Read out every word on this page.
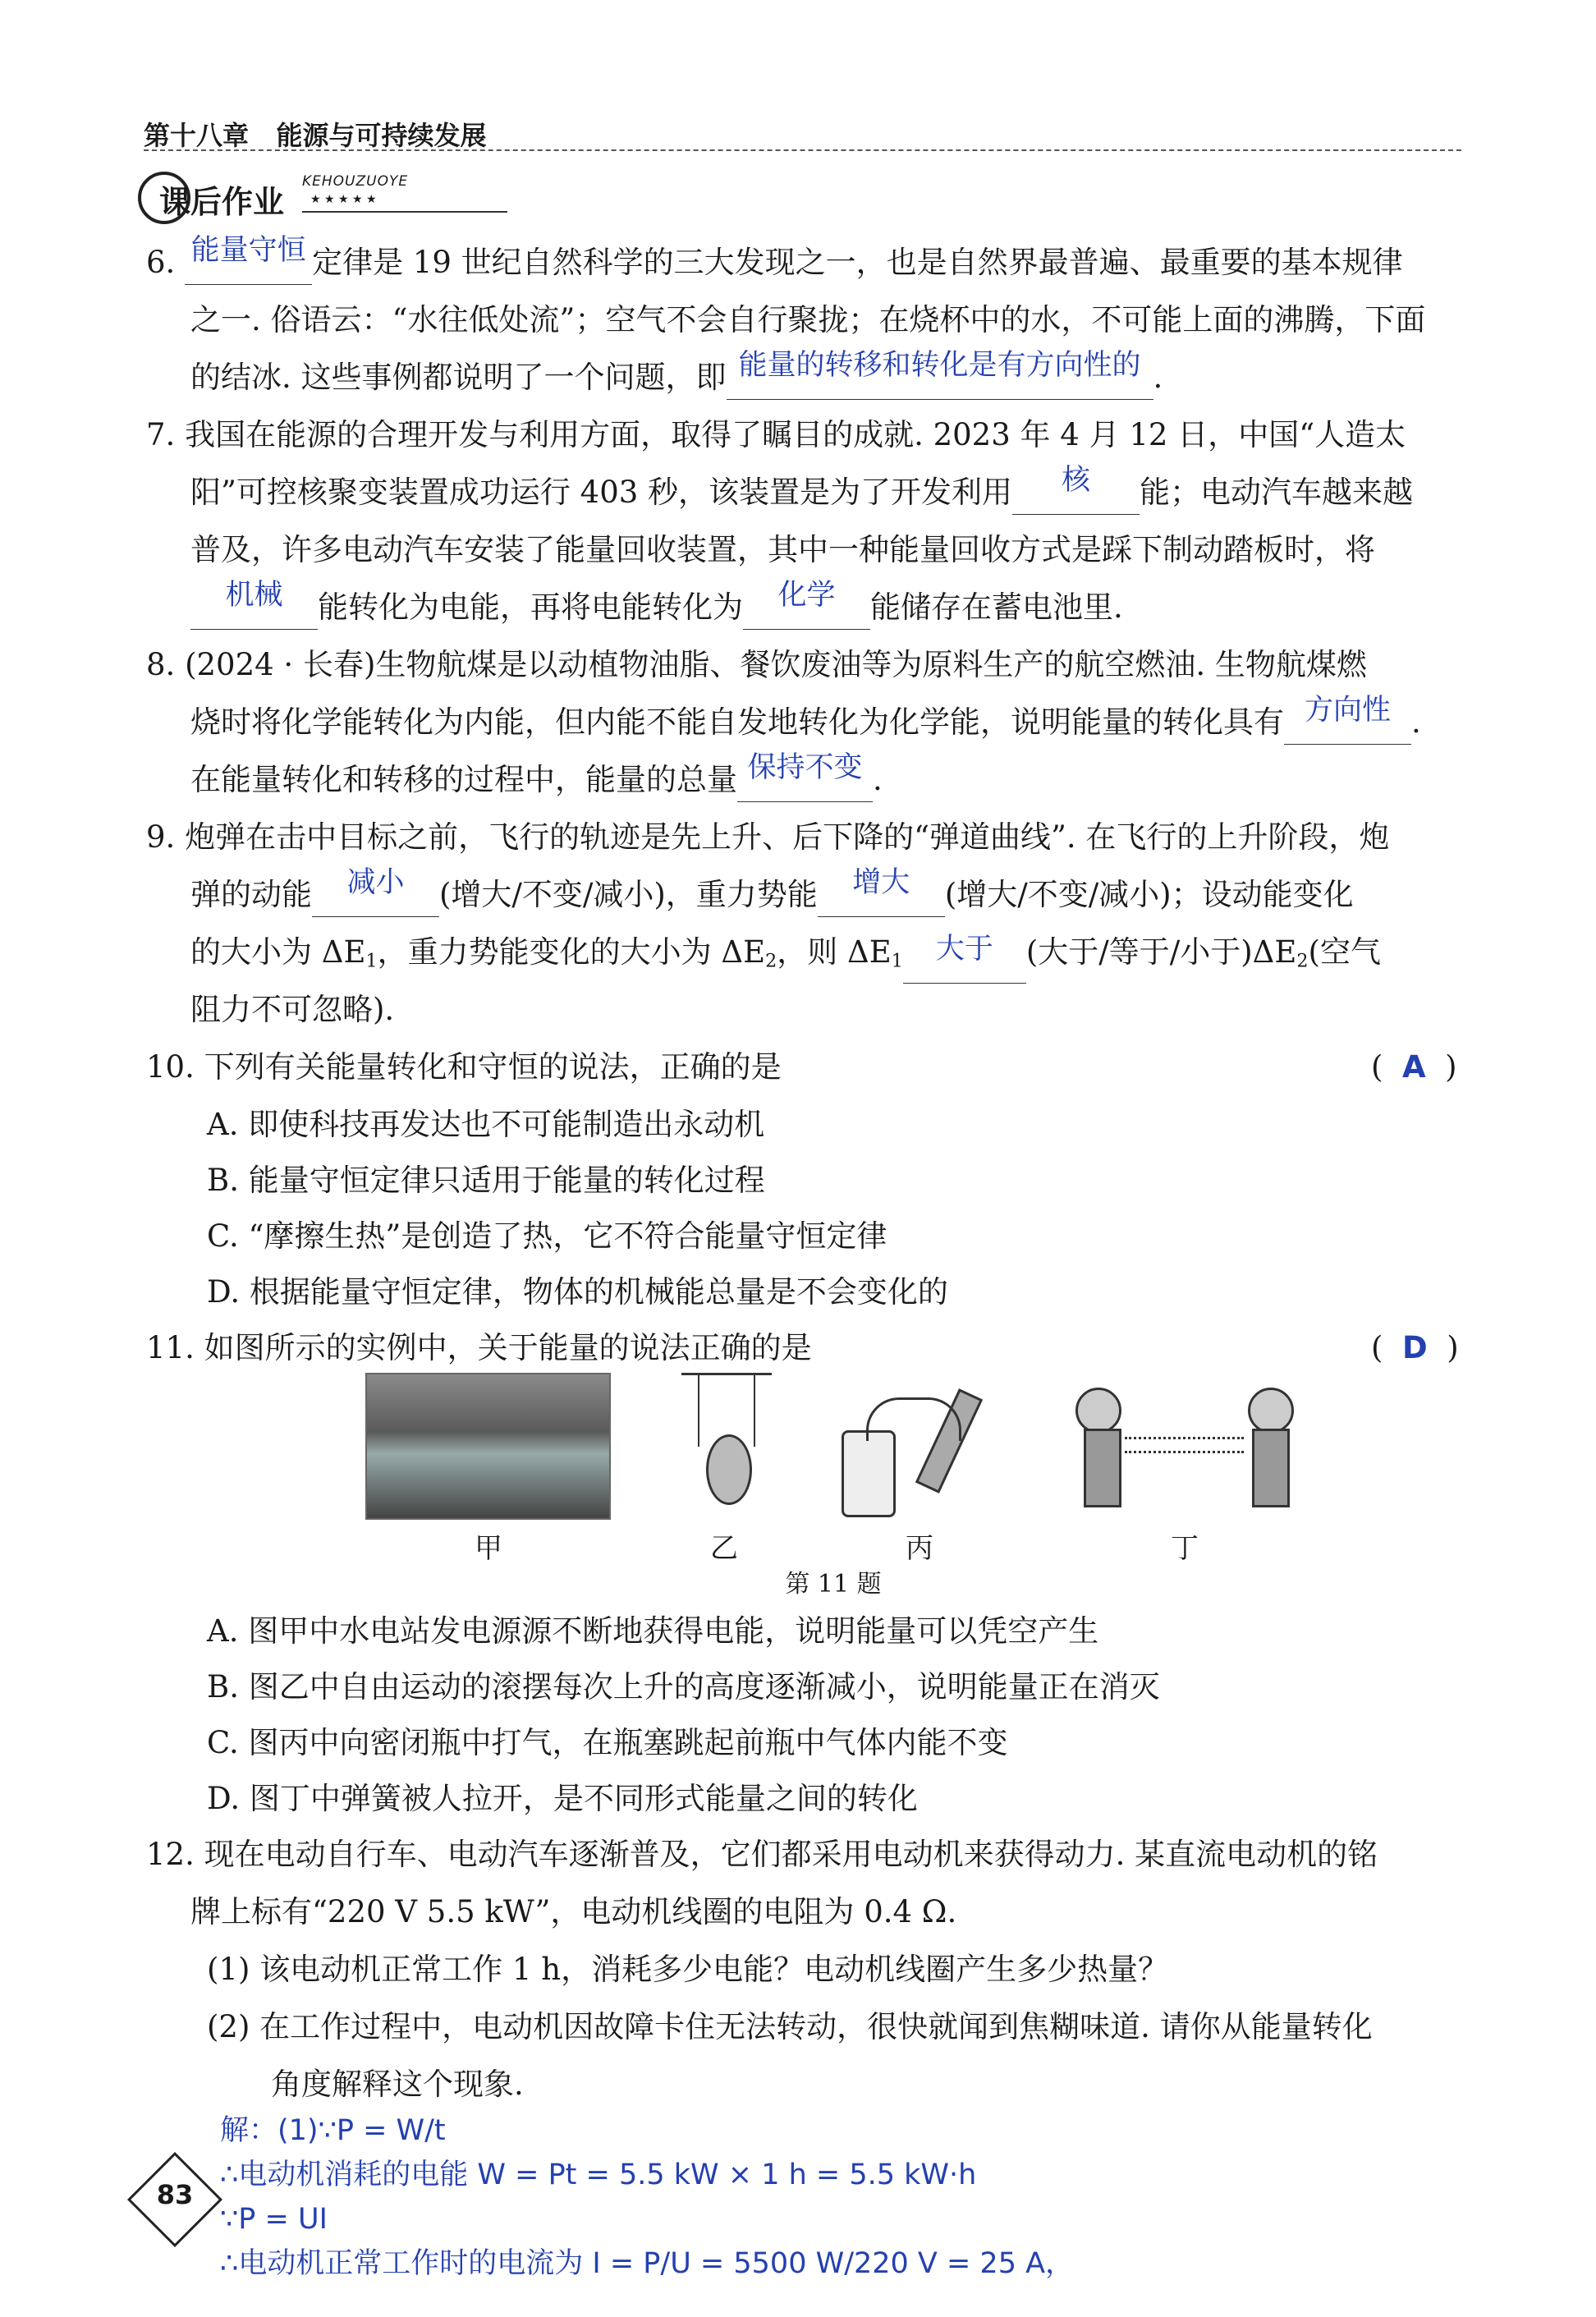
第十八章 能源与可持续发展
课后作业
KEHOUZUOYE
★ ★ ★ ★ ★
6. 能量守恒 定律是 19 世纪自然科学的三大发现之一，也是自然界最普遍、最重要的基本规律
之一. 俗语云：“水往低处流”；空气不会自行聚拢；在烧杯中的水，不可能上面的沸腾，下面
的结冰. 这些事例都说明了一个问题，即 能量的转移和转化是有方向性的 .
7. 我国在能源的合理开发与利用方面，取得了瞩目的成就. 2023 年 4 月 12 日，中国“人造太
阳”可控核聚变装置成功运行 403 秒，该装置是为了开发利用	核	能；电动汽车越来越
普及，许多电动汽车安装了能量回收装置，其中一种能量回收方式是踩下制动踏板时，将
机械	能转化为电能，再将电能转化为	化学	能储存在蓄电池里.
8. (2024 · 长春)生物航煤是以动植物油脂、餐饮废油等为原料生产的航空燃油. 生物航煤燃
烧时将化学能转化为内能，但内能不能自发地转化为化学能，说明能量的转化具有 方向性 .
在能量转化和转移的过程中，能量的总量 保持不变 .
9. 炮弹在击中目标之前，飞行的轨迹是先上升、后下降的“弹道曲线”. 在飞行的上升阶段，炮
弹的动能	减小	(增大/不变/减小)，重力势能	增大	(增大/不变/减小)；设动能变化
的大小为 $\Delta E_1$，重力势能变化的大小为 $\Delta E_2$，则 $\Delta E_1$	大于	(大于/等于/小于)$\Delta E_2$(空气
阻力不可忽略).
10. 下列有关能量转化和守恒的说法，正确的是	(  A  )
A. 即使科技再发达也不可能制造出永动机
B. 能量守恒定律只适用于能量的转化过程
C. “摩擦生热”是创造了热，它不符合能量守恒定律
D. 根据能量守恒定律，物体的机械能总量是不会变化的
11. 如图所示的实例中，关于能量的说法正确的是	(  D  )
甲	乙	丙	丁
第 11 题
A. 图甲中水电站发电源源不断地获得电能，说明能量可以凭空产生
B. 图乙中自由运动的滚摆每次上升的高度逐渐减小，说明能量正在消灭
C. 图丙中向密闭瓶中打气，在瓶塞跳起前瓶中气体内能不变
D. 图丁中弹簧被人拉开，是不同形式能量之间的转化
12. 现在电动自行车、电动汽车逐渐普及，它们都采用电动机来获得动力. 某直流电动机的铭
牌上标有“220 V 5.5 kW”，电动机线圈的电阻为 0.4 Ω.
(1) 该电动机正常工作 1 h，消耗多少电能？电动机线圈产生多少热量？
(2) 在工作过程中，电动机因故障卡住无法转动，很快就闻到焦糊味道. 请你从能量转化
角度解释这个现象.
解：(1)∵P = W/t
∴电动机消耗的电能 W = Pt = 5.5 kW × 1 h = 5.5 kW·h
∵P = UI
∴电动机正常工作时的电流为 I = P/U = 5500 W/220 V = 25 A，
83
